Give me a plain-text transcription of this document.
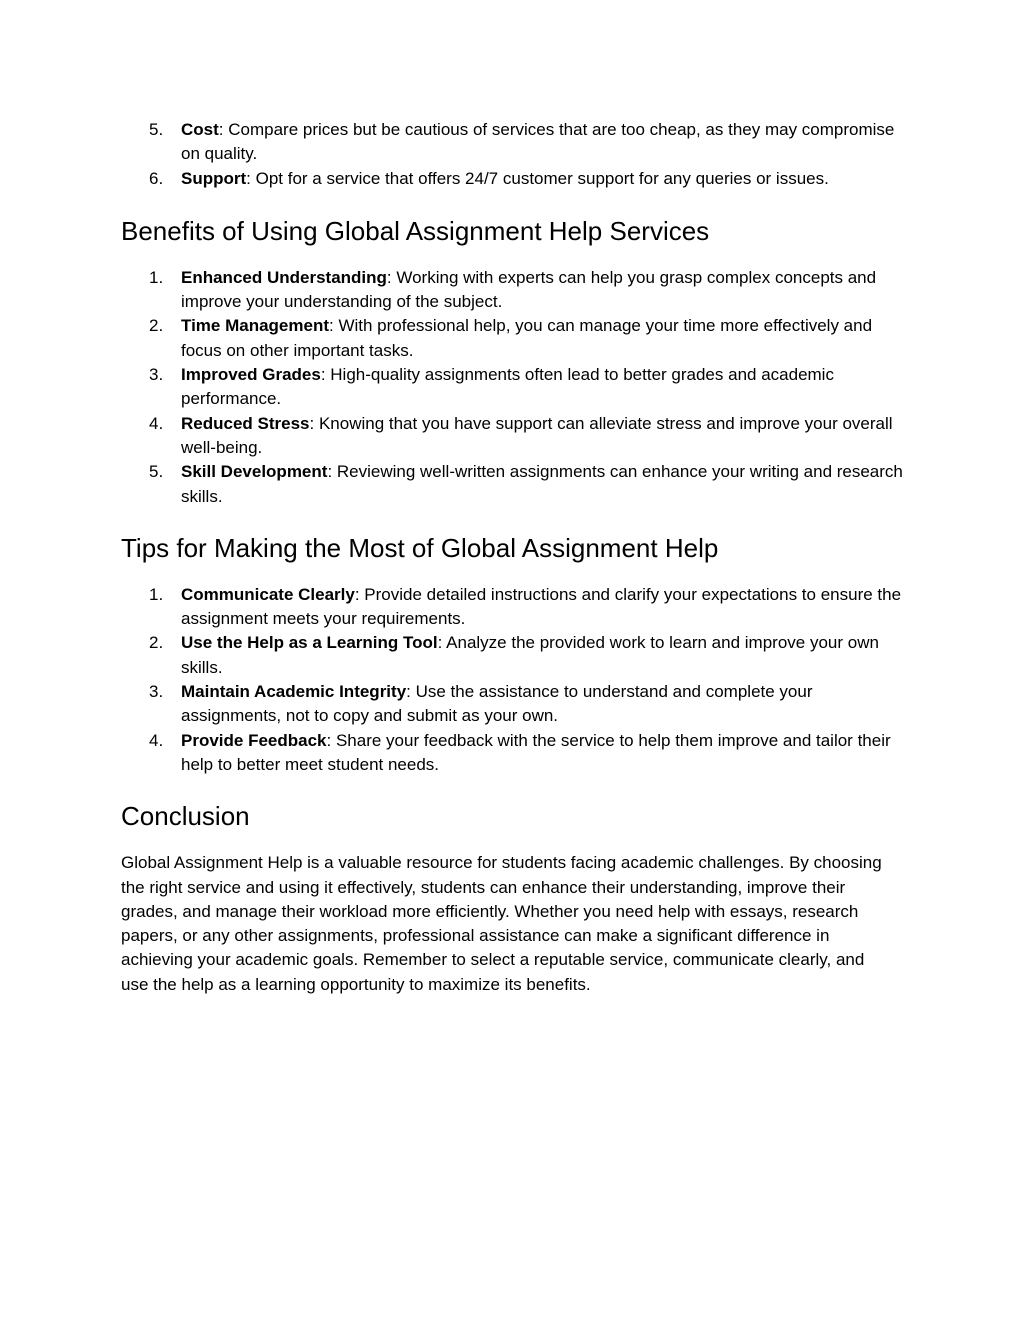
5. Cost: Compare prices but be cautious of services that are too cheap, as they may compromise on quality.
6. Support: Opt for a service that offers 24/7 customer support for any queries or issues.
Benefits of Using Global Assignment Help Services
1. Enhanced Understanding: Working with experts can help you grasp complex concepts and improve your understanding of the subject.
2. Time Management: With professional help, you can manage your time more effectively and focus on other important tasks.
3. Improved Grades: High-quality assignments often lead to better grades and academic performance.
4. Reduced Stress: Knowing that you have support can alleviate stress and improve your overall well-being.
5. Skill Development: Reviewing well-written assignments can enhance your writing and research skills.
Tips for Making the Most of Global Assignment Help
1. Communicate Clearly: Provide detailed instructions and clarify your expectations to ensure the assignment meets your requirements.
2. Use the Help as a Learning Tool: Analyze the provided work to learn and improve your own skills.
3. Maintain Academic Integrity: Use the assistance to understand and complete your assignments, not to copy and submit as your own.
4. Provide Feedback: Share your feedback with the service to help them improve and tailor their help to better meet student needs.
Conclusion

Global Assignment Help is a valuable resource for students facing academic challenges. By choosing the right service and using it effectively, students can enhance their understanding, improve their grades, and manage their workload more efficiently. Whether you need help with essays, research papers, or any other assignments, professional assistance can make a significant difference in achieving your academic goals. Remember to select a reputable service, communicate clearly, and use the help as a learning opportunity to maximize its benefits.
